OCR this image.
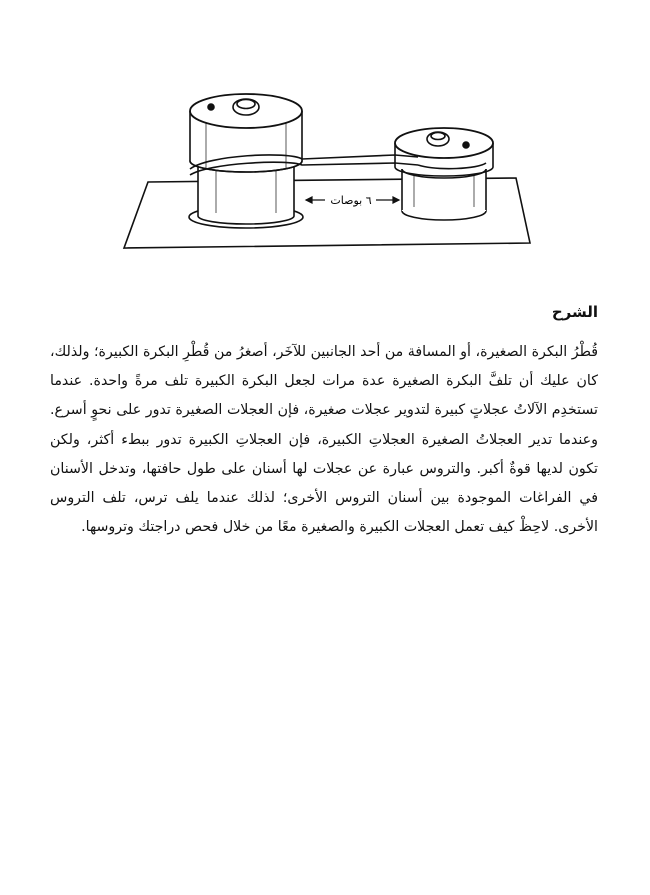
٦ بوصات
الشرح

قُطْرُ البكرة الصغيرة، أو المسافة من أحد الجانبين للآخَر، أصغرُ من قُطْرِ البكرة الكبيرة؛ ولذلك، كان عليك أن تلفَّ البكرة الصغيرة عدة مرات لجعل البكرة الكبيرة تلف مرةً واحدة. عندما تستخدِم الآلاتُ عجلاتٍ كبيرة لتدوير عجلات صغيرة، فإن العجلات الصغيرة تدور على نحوٍ أسرع. وعندما تدير العجلاتُ الصغيرة العجلاتِ الكبيرة، فإن العجلاتِ الكبيرة تدور ببطء أكثر، ولكن تكون لديها قوةٌ أكبر. والتروس عبارة عن عجلات لها أسنان على طول حافتها، وتدخل الأسنان في الفراغات الموجودة بين أسنان التروس الأخرى؛ لذلك عندما يلف ترس، تلف التروس الأخرى. لاحِظْ كيف تعمل العجلات الكبيرة والصغيرة معًا من خلال فحص دراجتك وتروسها.
